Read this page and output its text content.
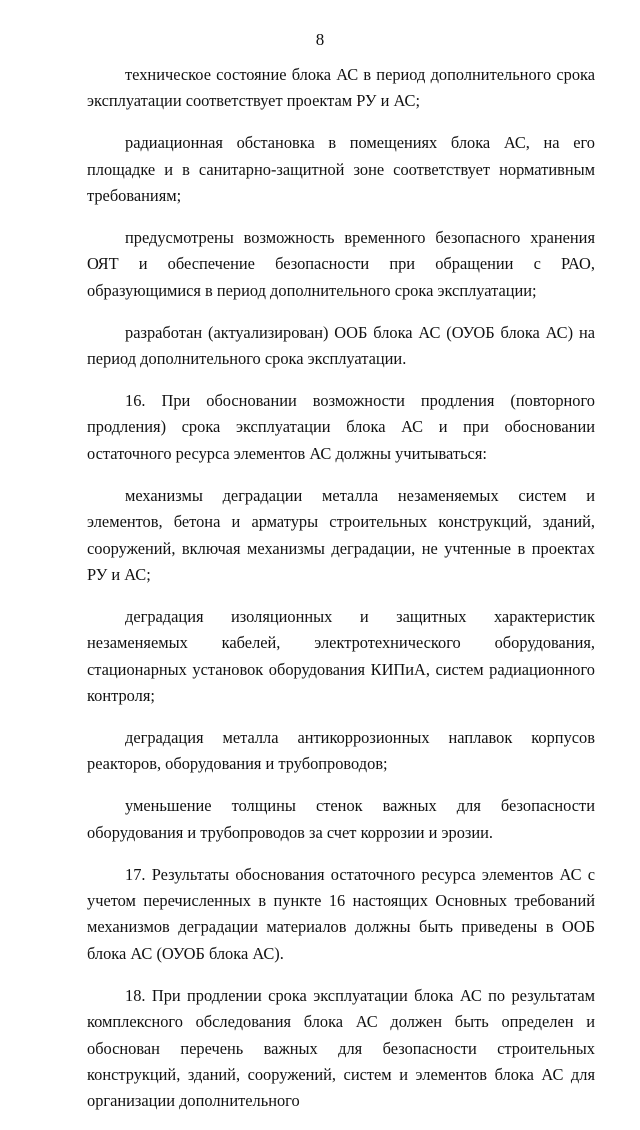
8

техническое состояние блока АС в период дополнительного срока эксплуатации соответствует проектам РУ и АС;

радиационная обстановка в помещениях блока АС, на его площадке и в санитарно-защитной зоне соответствует нормативным требованиям;

предусмотрены возможность временного безопасного хранения ОЯТ и обеспечение безопасности при обращении с РАО, образующимися в период дополнительного срока эксплуатации;

разработан (актуализирован) ООБ блока АС (ОУОБ блока АС) на период дополнительного срока эксплуатации.

16. При обосновании возможности продления (повторного продления) срока эксплуатации блока АС и при обосновании остаточного ресурса элементов АС должны учитываться:

механизмы деградации металла незаменяемых систем и элементов, бетона и арматуры строительных конструкций, зданий, сооружений, включая механизмы деградации, не учтенные в проектах РУ и АС;

деградация изоляционных и защитных характеристик незаменяемых кабелей, электротехнического оборудования, стационарных установок оборудования КИПиА, систем радиационного контроля;

деградация металла антикоррозионных наплавок корпусов реакторов, оборудования и трубопроводов;

уменьшение толщины стенок важных для безопасности оборудования и трубопроводов за счет коррозии и эрозии.

17. Результаты обоснования остаточного ресурса элементов АС с учетом перечисленных в пункте 16 настоящих Основных требований механизмов деградации материалов должны быть приведены в ООБ блока АС (ОУОБ блока АС).

18. При продлении срока эксплуатации блока АС по результатам комплексного обследования блока АС должен быть определен и обоснован перечень важных для безопасности строительных конструкций, зданий, сооружений, систем и элементов блока АС для организации дополнительного
